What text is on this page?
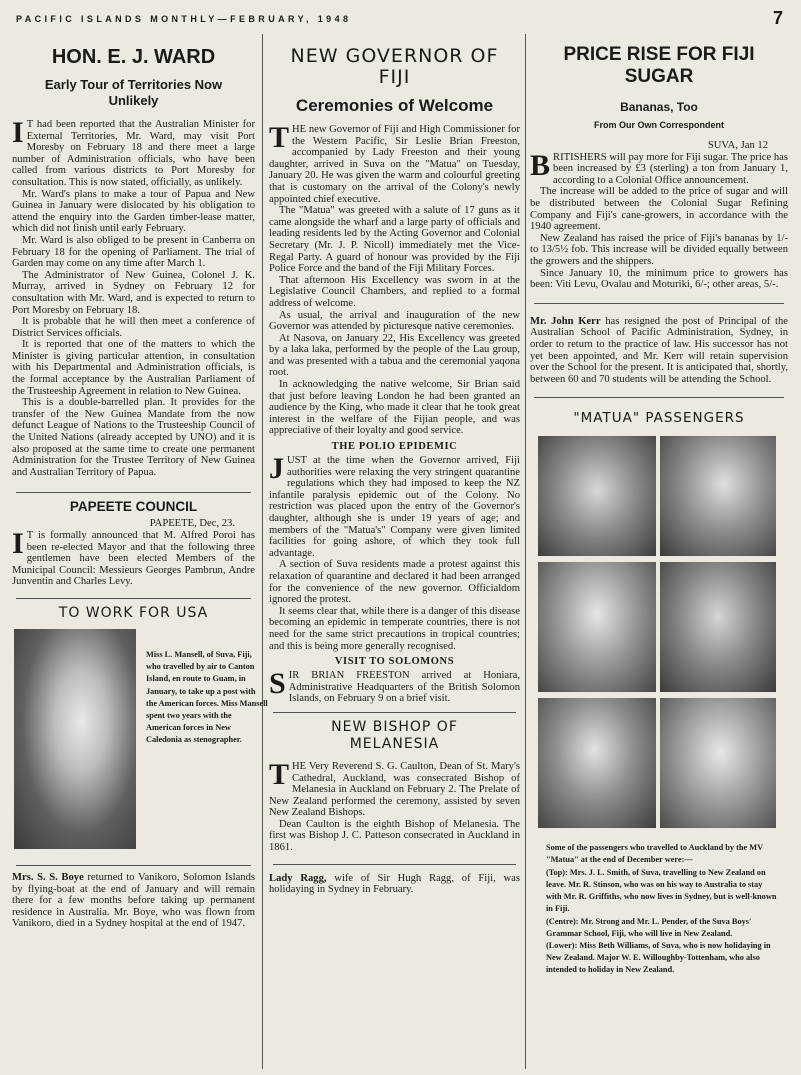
PACIFIC ISLANDS MONTHLY—FEBRUARY, 1948	7
HON. E. J. WARD
Early Tour of Territories Now Unlikely

I T had been reported that the Australian Minister for External Territories, Mr. Ward, may visit Port Moresby on February 18 and there meet a large number of Administration officials, who have been called from various districts to Port Moresby for consultation. This is now stated, officially, as unlikely.

Mr. Ward's plans to make a tour of Papua and New Guinea in January were dislocated by his obligation to attend the enquiry into the Garden timber-lease matter, which did not finish until early February.

Mr. Ward is also obliged to be present in Canberra on February 18 for the opening of Parliament. The trial of Garden may come on any time after March 1.

The Administrator of New Guinea, Colonel J. K. Murray, arrived in Sydney on February 12 for consultation with Mr. Ward, and is expected to return to Port Moresby on February 18.

It is probable that he will then meet a conference of District Services officials.

It is reported that one of the matters to which the Minister is giving particular attention, in consultation with his Departmental and Administration officials, is the formal acceptance by the Australian Parliament of the Trusteeship Agreement in relation to New Guinea.

This is a double-barrelled plan. It provides for the transfer of the New Guinea Mandate from the now defunct League of Nations to the Trusteeship Council of the United Nations (already accepted by UNO) and it is also proposed at the same time to create one permanent Administration for the Trustee Territory of New Guinea and Australian Territory of Papua.

PAPEETE COUNCIL

PAPEETE, Dec, 23.

I T is formally announced that M. Alfred Poroi has been re-elected Mayor and that the following three gentlemen have been elected Members of the Municipal Council: Messieurs Georges Pambrun, Andre Junventin and Charles Levy.

TO WORK FOR USA
Miss L. Mansell, of Suva, Fiji, who travelled by air to Canton Island, en route to Guam, in January, to take up a post with the American forces. Miss Mansell spent two years with the American forces in New Caledonia as stenographer.

Mrs. S. S. Boye returned to Vanikoro, Solomon Islands by flying-boat at the end of January and will remain there for a few months before taking up permanent residence in Australia. Mr. Boye, who was flown from Vanikoro, died in a Sydney hospital at the end of 1947.

NEW GOVERNOR OF FIJI
Ceremonies of Welcome

THE new Governor of Fiji and High Commissioner for the Western Pacific, Sir Leslie Brian Freeston, accompanied by Lady Freeston and their young daughter, arrived in Suva on the "Matua" on Tuesday, January 20. He was given the warm and colourful greeting that is customary on the arrival of the Colony's newly appointed chief executive.

The "Matua" was greeted with a salute of 17 guns as it came alongside the wharf and a large party of officials and leading residents led by the Acting Governor and Colonial Secretary (Mr. J. P. Nicoll) immediately met the Vice-Regal Party. A guard of honour was provided by the Fiji Police Force and the band of the Fiji Military Forces.

That afternoon His Excellency was sworn in at the Legislative Council Chambers, and replied to a formal address of welcome.

As usual, the arrival and inauguration of the new Governor was attended by picturesque native ceremonies.

At Nasova, on January 22, His Excellency was greeted by a laka laka, performed by the people of the Lau group, and was presented with a tabua and the ceremonial yaqona root.

In acknowledging the native welcome, Sir Brian said that just before leaving London he had been granted an audience by the King, who made it clear that he took great interest in the welfare of the Fijian people, and was appreciative of their loyalty and good service.

THE POLIO EPIDEMIC

JUST at the time when the Governor arrived, Fiji authorities were relaxing the very stringent quarantine regulations which they had imposed to keep the NZ infantile paralysis epidemic out of the Colony. No restriction was placed upon the entry of the Governor's daughter, although she is under 19 years of age; and members of the "Matua's" Company were given limited facilities for going ashore, of which they took full advantage.

A section of Suva residents made a protest against this relaxation of quarantine and declared it had been arranged for the convenience of the new governor. Officialdom ignored the protest.

It seems clear that, while there is a danger of this disease becoming an epidemic in temperate countries, there is not need for the same strict precautions in tropical countries; and this is being more generally recognised.

VISIT TO SOLOMONS

SIR BRIAN FREESTON arrived at Honiara, Administrative Headquarters of the British Solomon Islands, on February 9 on a brief visit.

NEW BISHOP OF MELANESIA

THE Very Reverend S. G. Caulton, Dean of St. Mary's Cathedral, Auckland, was consecrated Bishop of Melanesia in Auckland on February 2. The Prelate of New Zealand performed the ceremony, assisted by seven New Zealand Bishops.

Dean Caulton is the eighth Bishop of Melanesia. The first was Bishop J. C. Patteson consecrated in Auckland in 1861.

Lady Ragg, wife of Sir Hugh Ragg, of Fiji, was holidaying in Sydney in February.

PRICE RISE FOR FIJI SUGAR
Bananas, Too
From Our Own Correspondent

SUVA, Jan 12

BRITISHERS will pay more for Fiji sugar. The price has been increased by £3 (sterling) a ton from January 1, according to a Colonial Office announcement.

The increase will be added to the price of sugar and will be distributed between the Colonial Sugar Refining Company and Fiji's cane-growers, in accordance with the 1940 agreement.

New Zealand has raised the price of Fiji's bananas by 1/- to 13/5½ fob. This increase will be divided equally between the growers and the shippers.

Since January 10, the minimum price to growers has been: Viti Levu, Ovalau and Moturiki, 6/-; other areas, 5/-.

Mr. John Kerr has resigned the post of Principal of the Australian School of Pacific Administration, Sydney, in order to return to the practice of law. His successor has not yet been appointed, and Mr. Kerr will retain supervision over the School for the present. It is anticipated that, shortly, between 60 and 70 students will be attending the School.

"MATUA" PASSENGERS
Some of the passengers who travelled to Auckland by the MV "Matua" at the end of December were:—
(Top): Mrs. J. L. Smith, of Suva, travelling to New Zealand on leave. Mr. R. Stinson, who was on his way to Australia to stay with Mr. R. Griffiths, who now lives in Sydney, but is well-known in Fiji.
(Centre): Mr. Strong and Mr. L. Pender, of the Suva Boys' Grammar School, Fiji, who will live in New Zealand.
(Lower): Miss Beth Williams, of Suva, who is now holidaying in New Zealand. Major W. E. Willoughby-Tottenham, who also intended to holiday in New Zealand.
